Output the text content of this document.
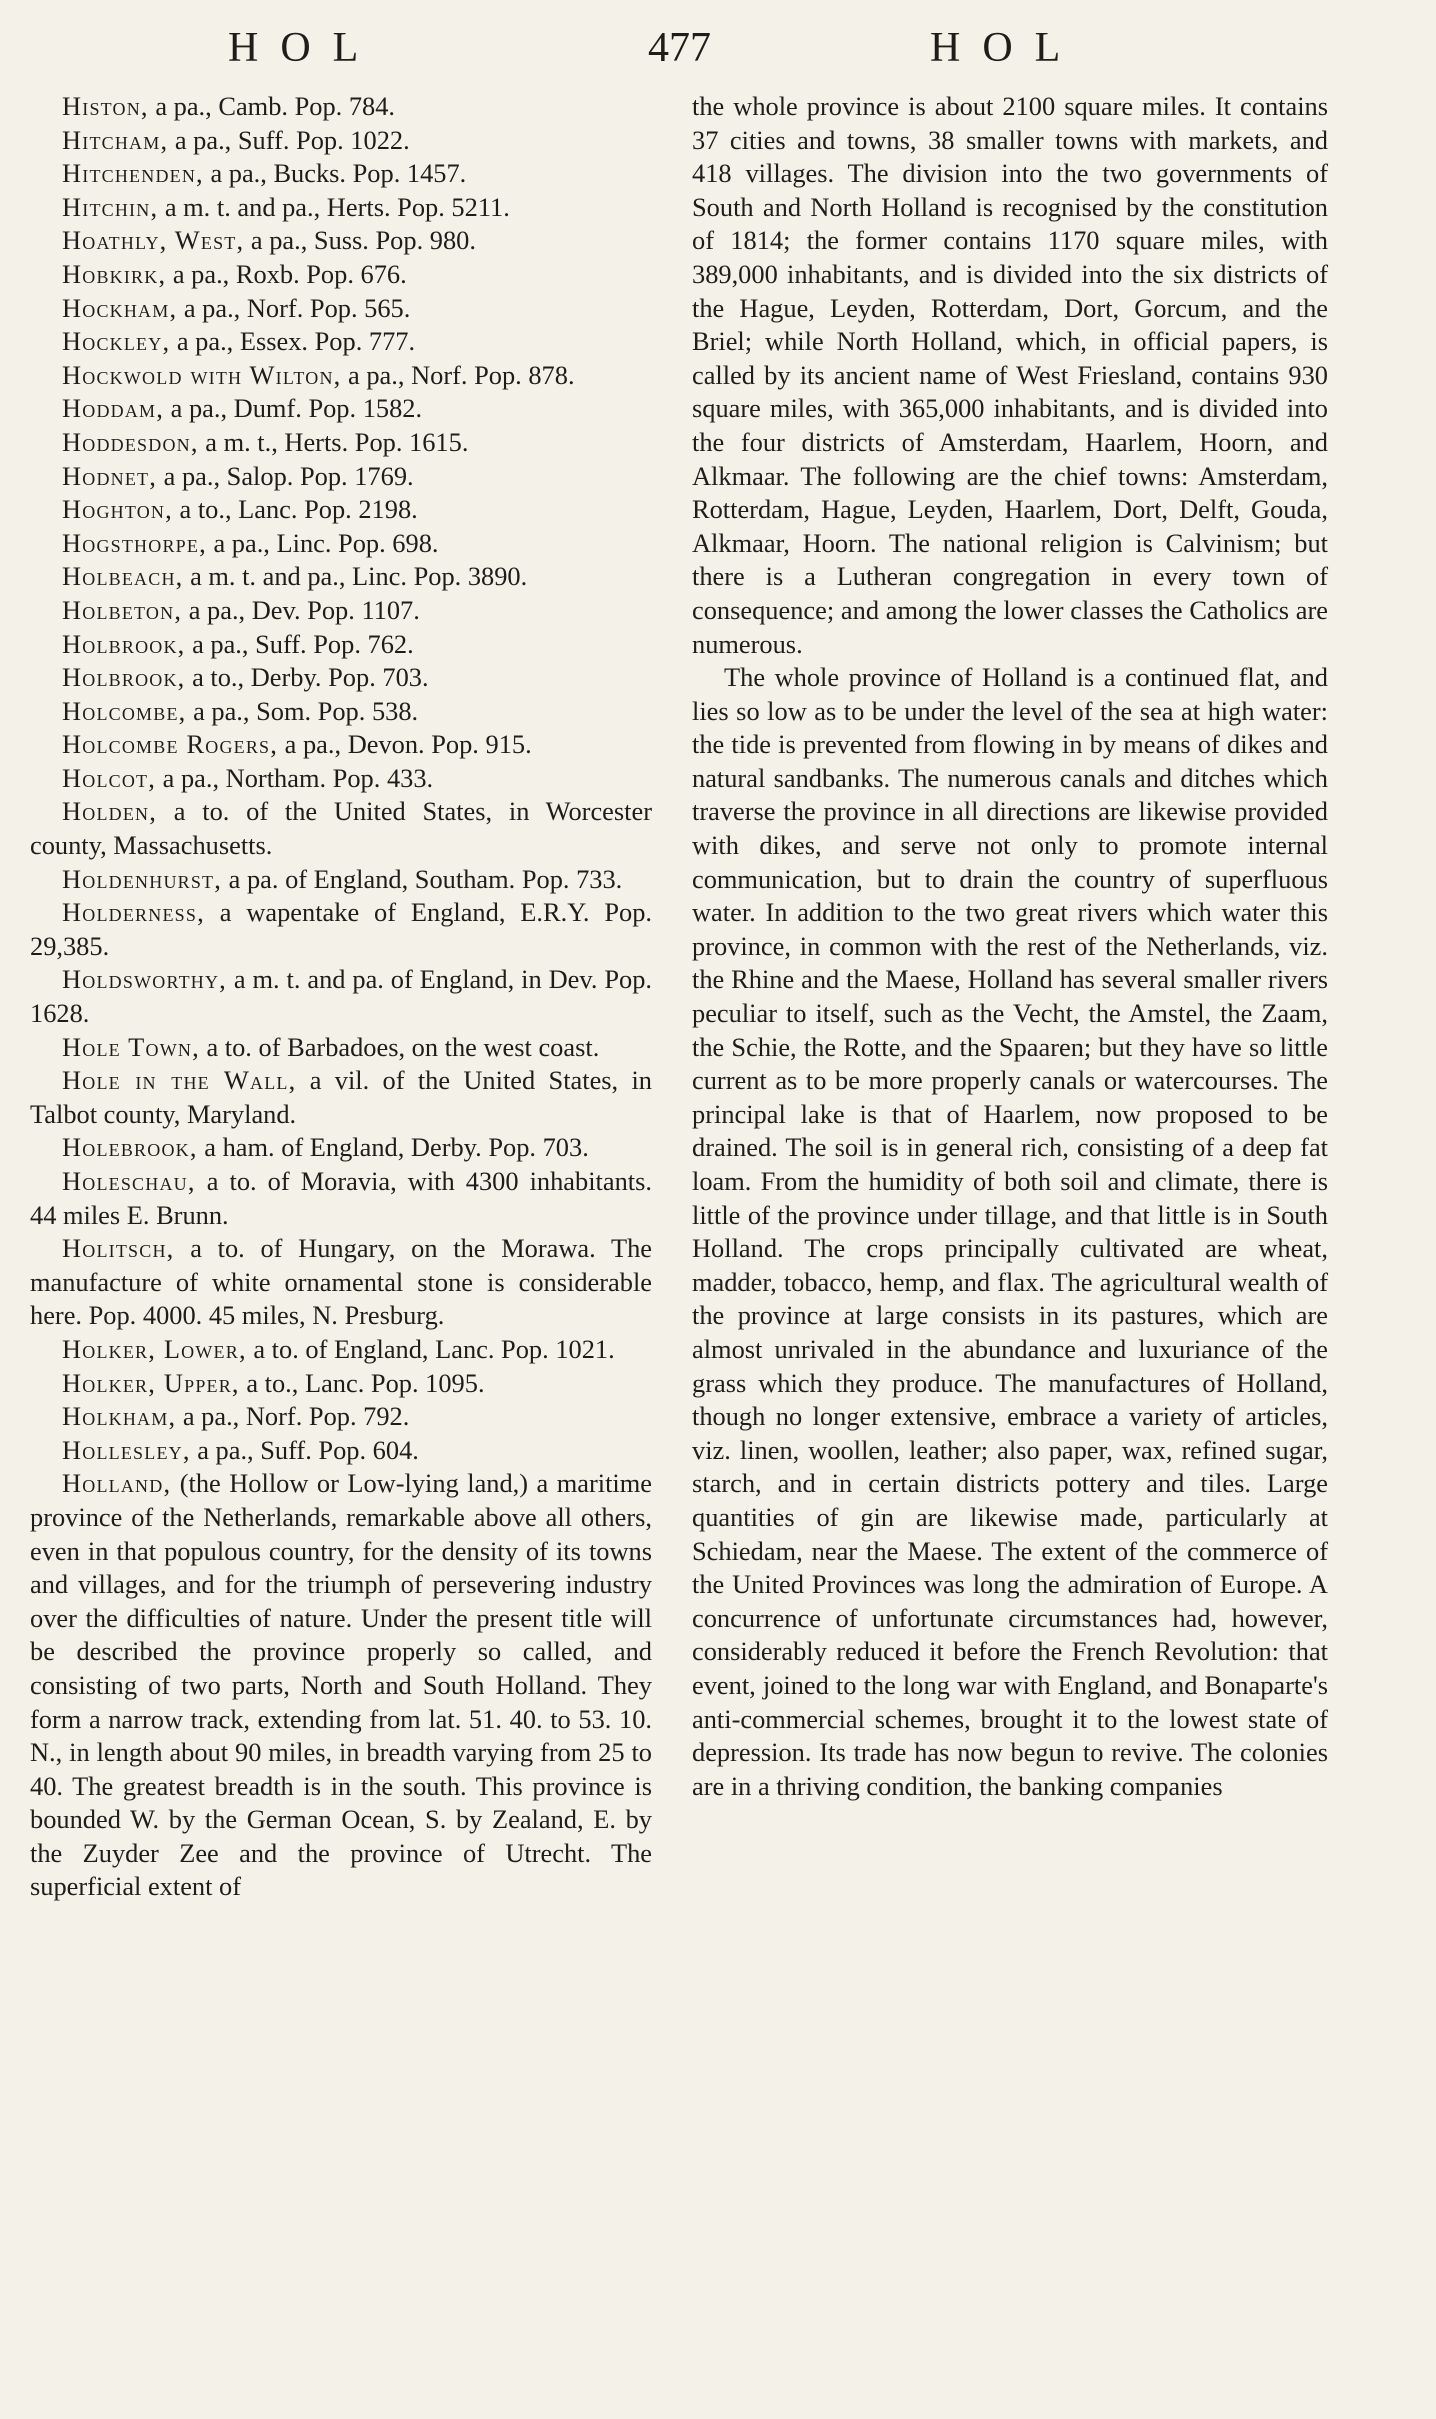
HOL	477	HOL

Histon, a pa., Camb. Pop. 784.

Hitcham, a pa., Suff. Pop. 1022.

Hitchenden, a pa., Bucks. Pop. 1457.

Hitchin, a m. t. and pa., Herts. Pop. 5211.

Hoathly, West, a pa., Suss. Pop. 980.

Hobkirk, a pa., Roxb. Pop. 676.

Hockham, a pa., Norf. Pop. 565.

Hockley, a pa., Essex. Pop. 777.

Hockwold with Wilton, a pa., Norf. Pop. 878.

Hoddam, a pa., Dumf. Pop. 1582.

Hoddesdon, a m. t., Herts. Pop. 1615.

Hodnet, a pa., Salop. Pop. 1769.

Hoghton, a to., Lanc. Pop. 2198.

Hogsthorpe, a pa., Linc. Pop. 698.

Holbeach, a m. t. and pa., Linc. Pop. 3890.

Holbeton, a pa., Dev. Pop. 1107.

Holbrook, a pa., Suff. Pop. 762.

Holbrook, a to., Derby. Pop. 703.

Holcombe, a pa., Som. Pop. 538.

Holcombe Rogers, a pa., Devon. Pop. 915.

Holcot, a pa., Northam. Pop. 433.

Holden, a to. of the United States, in Worcester county, Massachusetts.

Holdenhurst, a pa. of England, Southam. Pop. 733.

Holderness, a wapentake of England, E.R.Y. Pop. 29,385.

Holdsworthy, a m. t. and pa. of England, in Dev. Pop. 1628.

Hole Town, a to. of Barbadoes, on the west coast.

Hole in the Wall, a vil. of the United States, in Talbot county, Maryland.

Holebrook, a ham. of England, Derby. Pop. 703.

Holeschau, a to. of Moravia, with 4300 inhabitants. 44 miles E. Brunn.

Holitsch, a to. of Hungary, on the Morawa. The manufacture of white ornamental stone is considerable here. Pop. 4000. 45 miles, N. Presburg.

Holker, Lower, a to. of England, Lanc. Pop. 1021.

Holker, Upper, a to., Lanc. Pop. 1095.

Holkham, a pa., Norf. Pop. 792.

Hollesley, a pa., Suff. Pop. 604.

Holland, (the Hollow or Low-lying land,) a maritime province of the Netherlands, remarkable above all others, even in that populous country, for the density of its towns and villages, and for the triumph of persevering industry over the difficulties of nature. Under the present title will be described the province properly so called, and consisting of two parts, North and South Holland. They form a narrow track, extending from lat. 51. 40. to 53. 10. N., in length about 90 miles, in breadth varying from 25 to 40. The greatest breadth is in the south. This province is bounded W. by the German Ocean, S. by Zealand, E. by the Zuyder Zee and the province of Utrecht. The superficial extent of

the whole province is about 2100 square miles. It contains 37 cities and towns, 38 smaller towns with markets, and 418 villages. The division into the two governments of South and North Holland is recognised by the constitution of 1814; the former contains 1170 square miles, with 389,000 inhabitants, and is divided into the six districts of the Hague, Leyden, Rotterdam, Dort, Gorcum, and the Briel; while North Holland, which, in official papers, is called by its ancient name of West Friesland, contains 930 square miles, with 365,000 inhabitants, and is divided into the four districts of Amsterdam, Haarlem, Hoorn, and Alkmaar. The following are the chief towns: Amsterdam, Rotterdam, Hague, Leyden, Haarlem, Dort, Delft, Gouda, Alkmaar, Hoorn. The national religion is Calvinism; but there is a Lutheran congregation in every town of consequence; and among the lower classes the Catholics are numerous.

The whole province of Holland is a continued flat, and lies so low as to be under the level of the sea at high water: the tide is prevented from flowing in by means of dikes and natural sandbanks. The numerous canals and ditches which traverse the province in all directions are likewise provided with dikes, and serve not only to promote internal communication, but to drain the country of superfluous water. In addition to the two great rivers which water this province, in common with the rest of the Netherlands, viz. the Rhine and the Maese, Holland has several smaller rivers peculiar to itself, such as the Vecht, the Amstel, the Zaam, the Schie, the Rotte, and the Spaaren; but they have so little current as to be more properly canals or watercourses. The principal lake is that of Haarlem, now proposed to be drained. The soil is in general rich, consisting of a deep fat loam. From the humidity of both soil and climate, there is little of the province under tillage, and that little is in South Holland. The crops principally cultivated are wheat, madder, tobacco, hemp, and flax. The agricultural wealth of the province at large consists in its pastures, which are almost unrivaled in the abundance and luxuriance of the grass which they produce. The manufactures of Holland, though no longer extensive, embrace a variety of articles, viz. linen, woollen, leather; also paper, wax, refined sugar, starch, and in certain districts pottery and tiles. Large quantities of gin are likewise made, particularly at Schiedam, near the Maese. The extent of the commerce of the United Provinces was long the admiration of Europe. A concurrence of unfortunate circumstances had, however, considerably reduced it before the French Revolution: that event, joined to the long war with England, and Bonaparte's anti-commercial schemes, brought it to the lowest state of depression. Its trade has now begun to revive. The colonies are in a thriving condition, the banking companies
